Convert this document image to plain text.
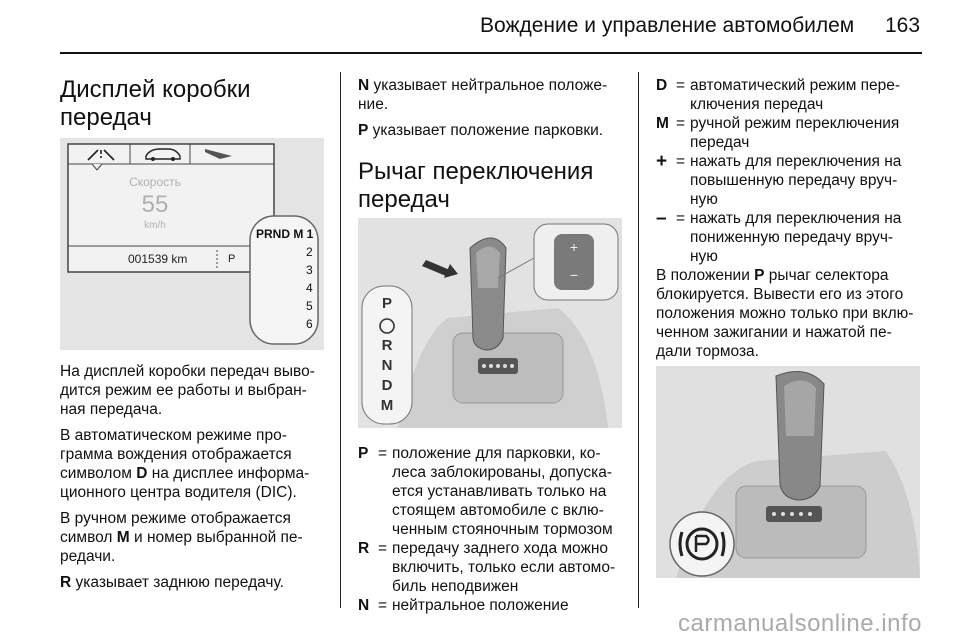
Вождение и управление автомобилем 163
Дисплей коробки
передач
Скорость
55
km/h
001539 km	P
PRND M 1
2
3
4
5
6

На дисплей коробки передач выво-
дится режим ее работы и выбран-
ная передача.

В автоматическом режиме про-
грамма вождения отображается
символом D на дисплее информа-
ционного центра водителя (DIC).

В ручном режиме отображается
символ M и номер выбранной пе-
редачи.

R указывает заднюю передачу.

N указывает нейтральное положе-
ние.

P указывает положение парковки.

Рычаг переключения
передач
+
−
P
R
N
D
M
P = положение для парковки, ко-
леса заблокированы, допуска-
ется устанавливать только на
стоящем автомобиле с вклю-
ченным стояночным тормозом
R = передачу заднего хода можно
включить, только если автомо-
биль неподвижен
N = нейтральное положение
D = автоматический режим пере-
ключения передач
M = ручной режим переключения
передач
+ = нажать для переключения на
повышенную передачу вруч-
ную
– = нажать для переключения на
пониженную передачу вруч-
ную

В положении P рычаг селектора
блокируется. Вывести его из этого
положения можно только при вклю-
ченном зажигании и нажатой пе-
дали тормоза.

carmanualsonline.info
